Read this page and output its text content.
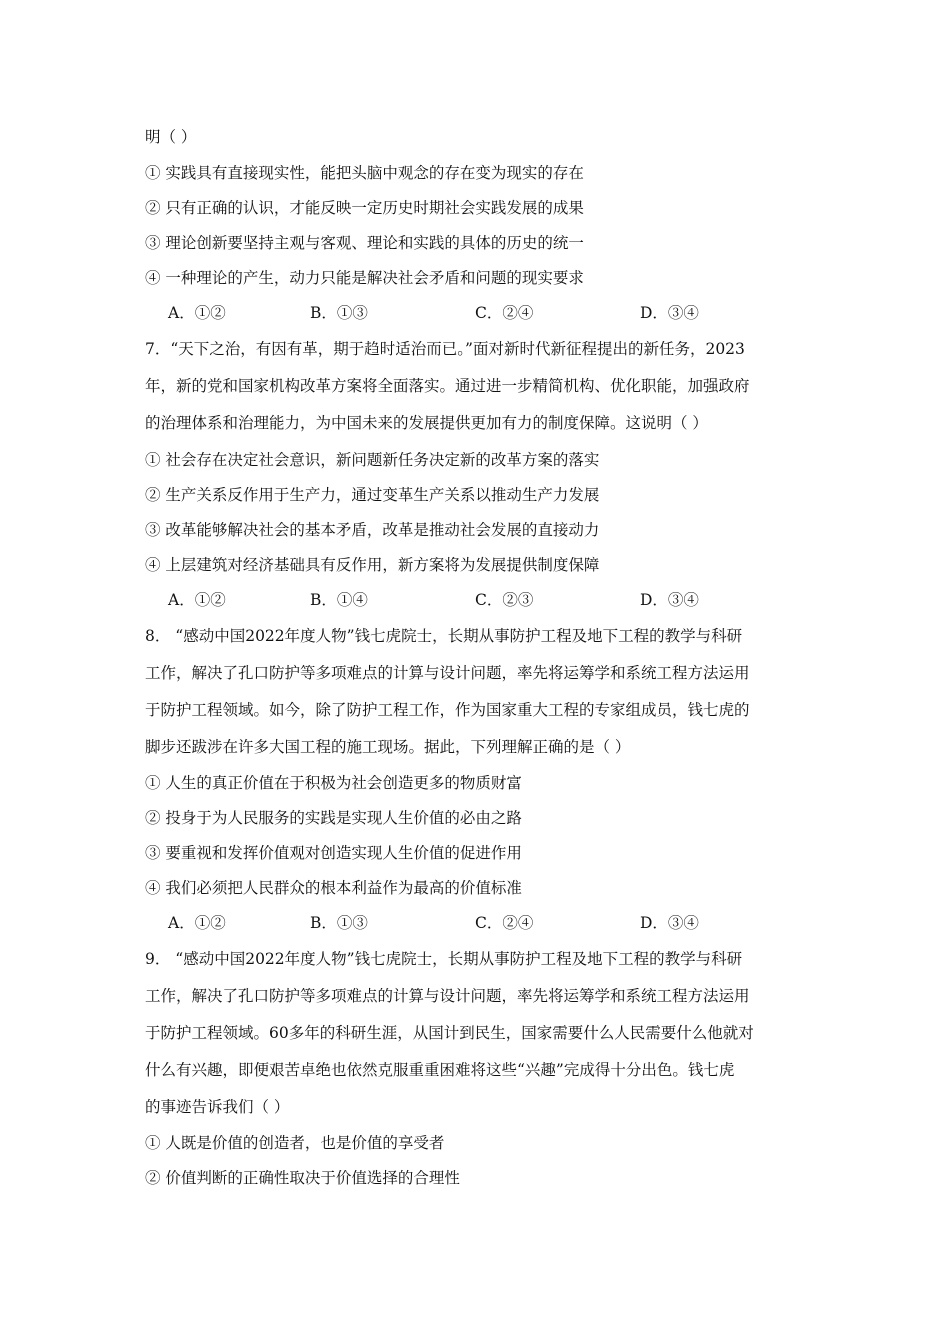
明（ ）
① 实践具有直接现实性，能把头脑中观念的存在变为现实的存在
② 只有正确的认识，才能反映一定历史时期社会实践发展的成果
③ 理论创新要坚持主观与客观、理论和实践的具体的历史的统一
④ 一种理论的产生，动力只能是解决社会矛盾和问题的现实要求
A．①②	B．①③	C．②④	D．③④
7．“天下之治，有因有革，期于趋时适治而已。”面对新时代新征程提出的新任务，2023
年，新的党和国家机构改革方案将全面落实。通过进一步精简机构、优化职能，加强政府
的治理体系和治理能力，为中国未来的发展提供更加有力的制度保障。这说明（ ）
① 社会存在决定社会意识，新问题新任务决定新的改革方案的落实
② 生产关系反作用于生产力，通过变革生产关系以推动生产力发展
③ 改革能够解决社会的基本矛盾，改革是推动社会发展的直接动力
④ 上层建筑对经济基础具有反作用，新方案将为发展提供制度保障
A．①②	B．①④	C．②③	D．③④
8． “感动中国2022年度人物”钱七虎院士，长期从事防护工程及地下工程的教学与科研
工作，解决了孔口防护等多项难点的计算与设计问题，率先将运筹学和系统工程方法运用
于防护工程领域。如今，除了防护工程工作，作为国家重大工程的专家组成员，钱七虎的
脚步还跋涉在许多大国工程的施工现场。据此，下列理解正确的是（ ）
① 人生的真正价值在于积极为社会创造更多的物质财富
② 投身于为人民服务的实践是实现人生价值的必由之路
③ 要重视和发挥价值观对创造实现人生价值的促进作用
④ 我们必须把人民群众的根本利益作为最高的价值标准
A．①②	B．①③	C．②④	D．③④
9． “感动中国2022年度人物”钱七虎院士，长期从事防护工程及地下工程的教学与科研
工作，解决了孔口防护等多项难点的计算与设计问题，率先将运筹学和系统工程方法运用
于防护工程领域。60多年的科研生涯，从国计到民生，国家需要什么人民需要什么他就对
什么有兴趣，即便艰苦卓绝也依然克服重重困难将这些“兴趣”完成得十分出色。钱七虎
的事迹告诉我们（ ）
① 人既是价值的创造者，也是价值的享受者
② 价值判断的正确性取决于价值选择的合理性
